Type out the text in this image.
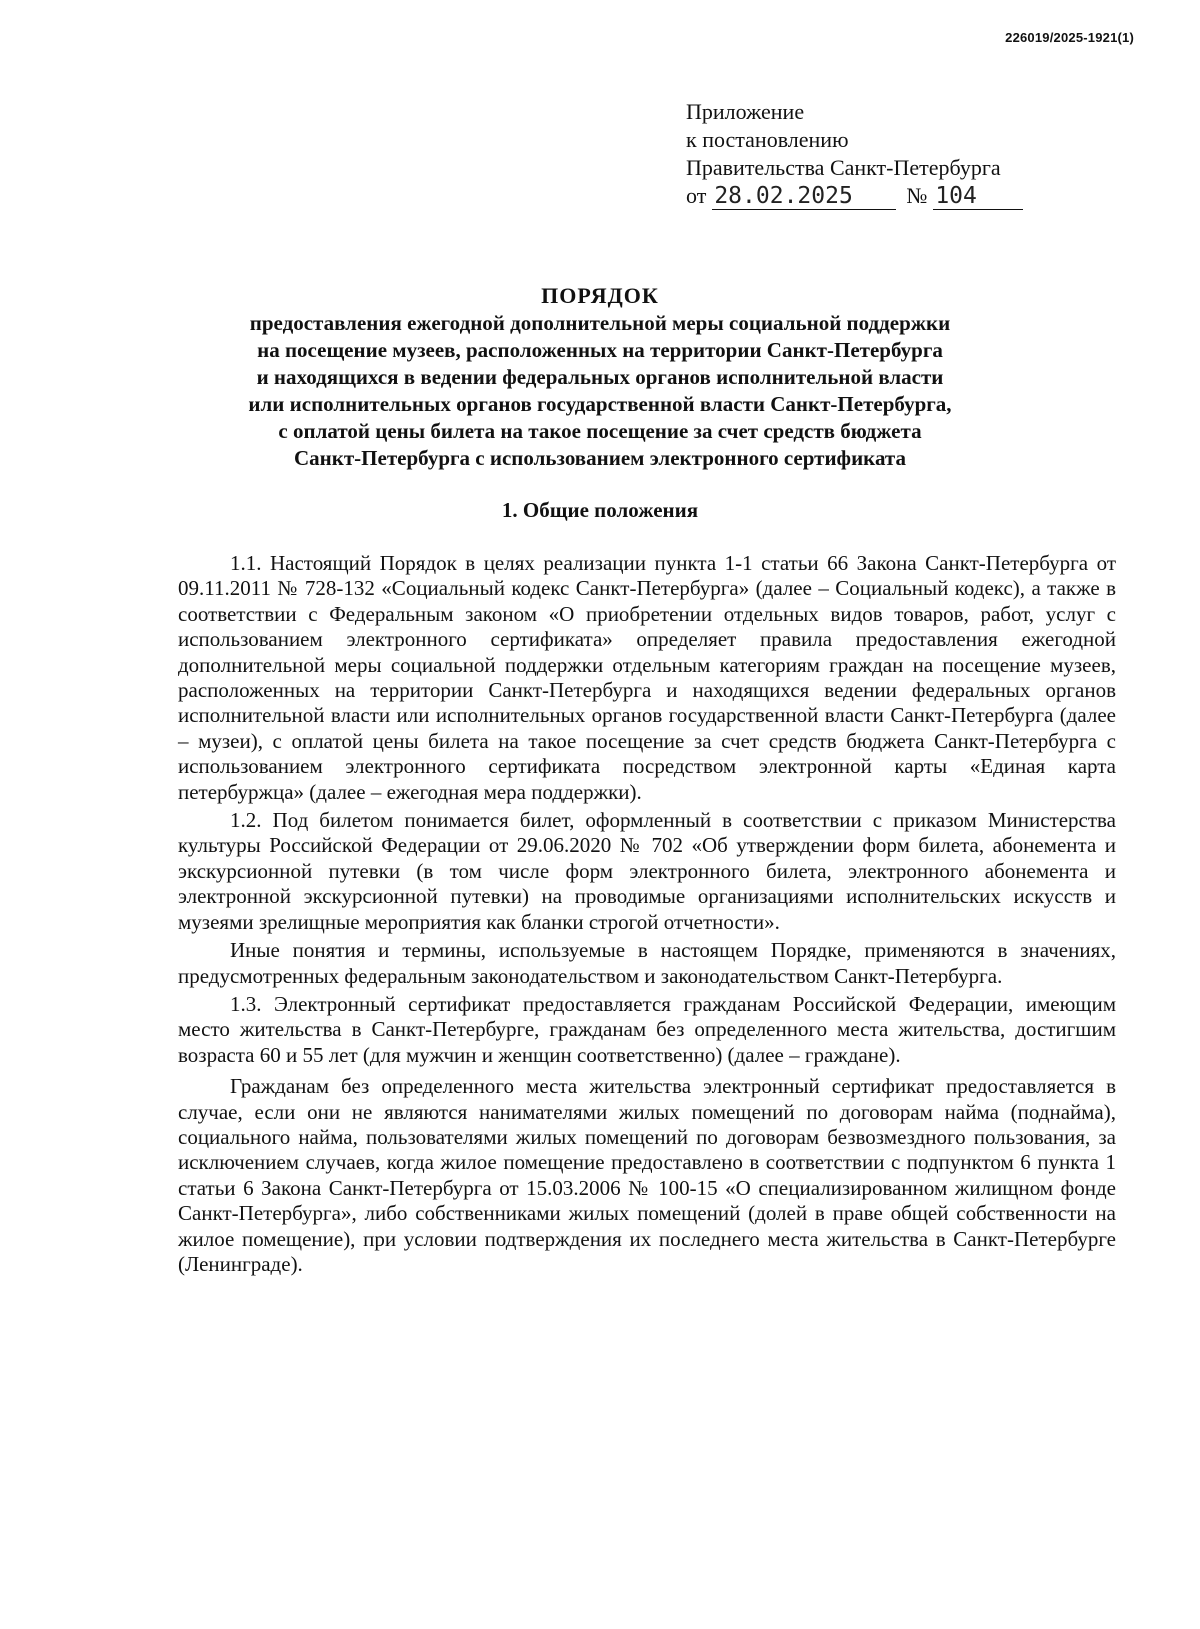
226019/2025-1921(1)
Приложение
к постановлению
Правительства Санкт-Петербурга
от 28.02.2025	№ 104

ПОРЯДОК

предоставления ежегодной дополнительной меры социальной поддержки

на посещение музеев, расположенных на территории Санкт-Петербурга

и находящихся в ведении федеральных органов исполнительной власти

или исполнительных органов государственной власти Санкт-Петербурга,

с оплатой цены билета на такое посещение за счет средств бюджета

Санкт-Петербурга с использованием электронного сертификата

1. Общие положения

1.1. Настоящий Порядок в целях реализации пункта 1-1 статьи 66 Закона Санкт-Петербурга от 09.11.2011 № 728-132 «Социальный кодекс Санкт-Петербурга» (далее – Социальный кодекс), а также в соответствии с Федеральным законом «О приобретении отдельных видов товаров, работ, услуг с использованием электронного сертификата» определяет правила предоставления ежегодной дополнительной меры социальной поддержки отдельным категориям граждан на посещение музеев, расположенных на территории Санкт-Петербурга и находящихся ведении федеральных органов исполнительной власти или исполнительных органов государственной власти Санкт-Петербурга (далее – музеи), с оплатой цены билета на такое посещение за счет средств бюджета Санкт-Петербурга с использованием электронного сертификата посредством электронной карты «Единая карта петербуржца» (далее – ежегодная мера поддержки).

1.2. Под билетом понимается билет, оформленный в соответствии с приказом Министерства культуры Российской Федерации от 29.06.2020 № 702 «Об утверждении форм билета, абонемента и экскурсионной путевки (в том числе форм электронного билета, электронного абонемента и электронной экскурсионной путевки) на проводимые организациями исполнительских искусств и музеями зрелищные мероприятия как бланки строгой отчетности».

Иные понятия и термины, используемые в настоящем Порядке, применяются в значениях, предусмотренных федеральным законодательством и законодательством Санкт-Петербурга.

1.3. Электронный сертификат предоставляется гражданам Российской Федерации, имеющим место жительства в Санкт-Петербурге, гражданам без определенного места жительства, достигшим возраста 60 и 55 лет (для мужчин и женщин соответственно) (далее – граждане).

Гражданам без определенного места жительства электронный сертификат предоставляется в случае, если они не являются нанимателями жилых помещений по договорам найма (поднайма), социального найма, пользователями жилых помещений по договорам безвозмездного пользования, за исключением случаев, когда жилое помещение предоставлено в соответствии с подпунктом 6 пункта 1 статьи 6 Закона Санкт-Петербурга от 15.03.2006 № 100-15 «О специализированном жилищном фонде Санкт-Петербурга», либо собственниками жилых помещений (долей в праве общей собственности на жилое помещение), при условии подтверждения их последнего места жительства в Санкт-Петербурге (Ленинграде).
